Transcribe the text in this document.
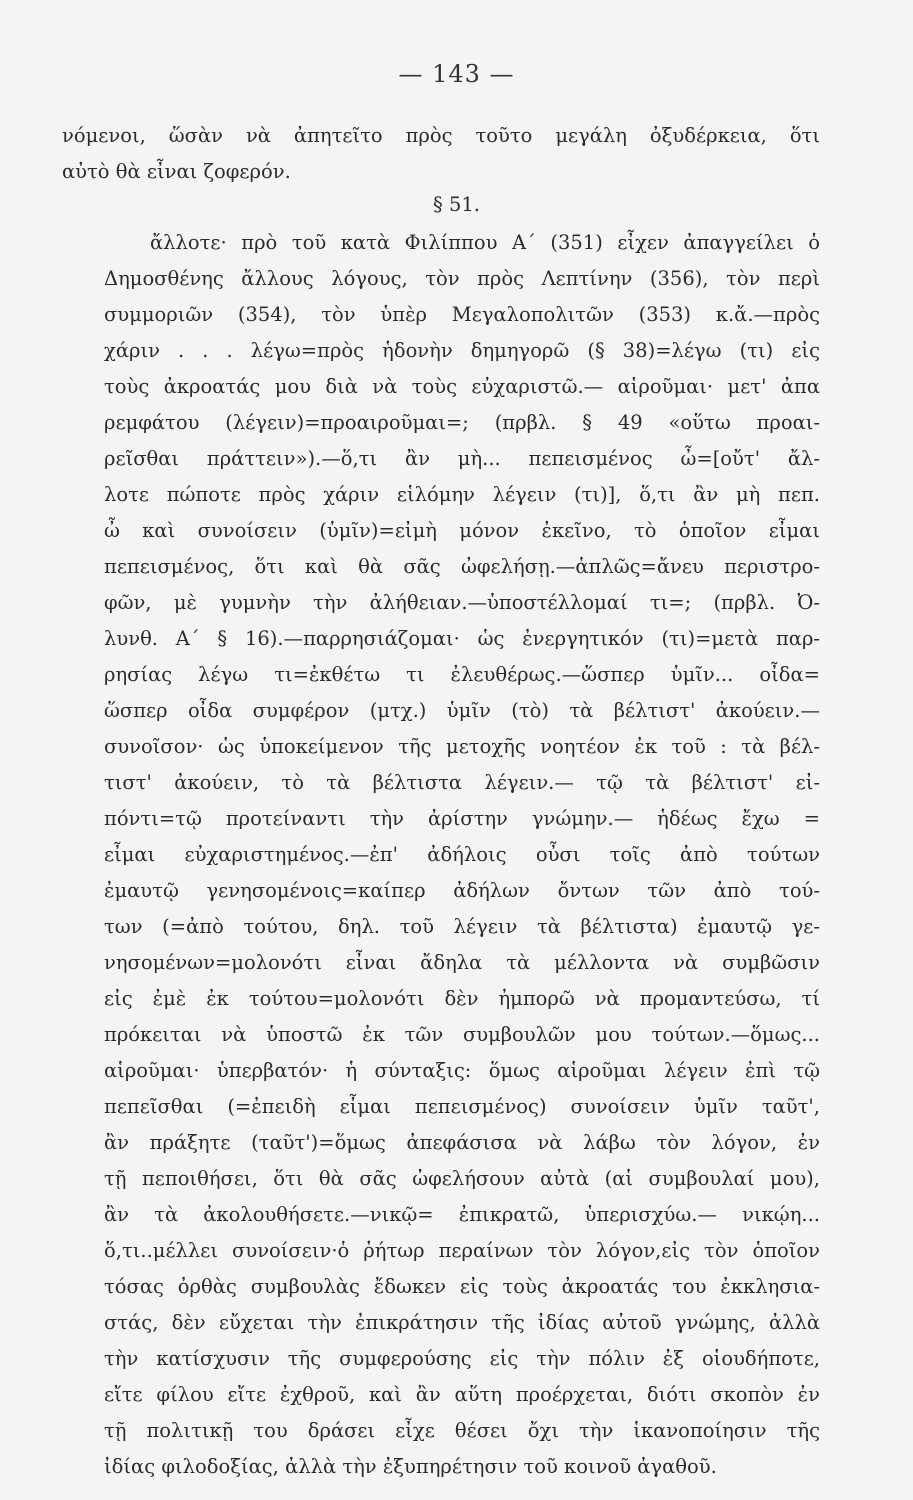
— 143 —
νόμενοι, ὥσὰν νὰ ἀπητεῖτο πρὸς τοῦτο μεγάλη ὀξυδέρκεια, ὅτι
αὐτὸ θὰ εἶναι ζοφερόν.
§ 51.
ἄλλοτε· πρὸ τοῦ κατὰ Φιλίππου Α΄ (351) εἶχεν ἀπαγγείλει ὁ
Δημοσθένης ἄλλους λόγους, τὸν πρὸς Λεπτίνην (356), τὸν περὶ
συμμοριῶν (354), τὸν ὑπὲρ Μεγαλοπολιτῶν (353) κ.ἄ.—πρὸς
χάριν . . . λέγω=πρὸς ἡδονὴν δημηγορῶ (§ 38)=λέγω (τι) εἰς
τοὺς ἀκροατάς μου διὰ νὰ τοὺς εὐχαριστῶ.— αἱροῦμαι· μετ' ἀπα
ρεμφάτου (λέγειν)=προαιροῦμαι=; (πρβλ. § 49 «οὕτω προαι-
ρεῖσθαι πράττειν»).—ὅ,τι ἂν μὴ... πεπεισμένος ὦ=[οὔτ' ἄλ-
λοτε πώποτε πρὸς χάριν εἱλόμην λέγειν (τι)], ὅ,τι ἂν μὴ πεπ.
ὦ καὶ συνοίσειν (ὑμῖν)=εἰμὴ μόνον ἐκεῖνο, τὸ ὁποῖον εἶμαι
πεπεισμένος, ὅτι καὶ θὰ σᾶς ὠφελήσῃ.—ἁπλῶς=ἄνευ περιστρο-
φῶν, μὲ γυμνὴν τὴν ἀλήθειαν.—ὑποστέλλομαί τι=; (πρβλ. Ὀ-
λυνθ. Α΄ § 16).—παρρησιάζομαι· ὡς ἐνεργητικόν (τι)=μετὰ παρ-
ρησίας λέγω τι=ἐκθέτω τι ἐλευθέρως.—ὥσπερ ὑμῖν... οἶδα=
ὥσπερ οἶδα συμφέρον (μτχ.) ὑμῖν (τὸ) τὰ βέλτιστ' ἀκούειν.—
συνοῖσον· ὡς ὑποκείμενον τῆς μετοχῆς νοητέον ἐκ τοῦ : τὰ βέλ-
τιστ' ἀκούειν, τὸ τὰ βέλτιστα λέγειν.— τῷ τὰ βέλτιστ' εἰ-
πόντι=τῷ προτείναντι τὴν ἀρίστην γνώμην.— ἡδέως ἔχω =
εἶμαι εὐχαριστημένος.—ἐπ' ἀδήλοις οὖσι τοῖς ἀπὸ τούτων
ἐμαυτῷ γενησομένοις=καίπερ ἀδήλων ὄντων τῶν ἀπὸ τού-
των (=ἀπὸ τούτου, δηλ. τοῦ λέγειν τὰ βέλτιστα) ἐμαυτῷ γε-
νησομένων=μολονότι εἶναι ἄδηλα τὰ μέλλοντα νὰ συμβῶσιν
εἰς ἐμὲ ἐκ τούτου=μολονότι δὲν ἠμπορῶ νὰ προμαντεύσω, τί
πρόκειται νὰ ὑποστῶ ἐκ τῶν συμβουλῶν μου τούτων.—ὅμως...
αἱροῦμαι· ὑπερβατόν· ἡ σύνταξις: ὅμως αἱροῦμαι λέγειν ἐπὶ τῷ
πεπεῖσθαι (=ἐπειδὴ εἶμαι πεπεισμένος) συνοίσειν ὑμῖν ταῦτ',
ἂν πράξητε (ταῦτ')=ὅμως ἀπεφάσισα νὰ λάβω τὸν λόγον, ἐν
τῇ πεποιθήσει, ὅτι θὰ σᾶς ὠφελήσουν αὐτὰ (αἱ συμβουλαί μου),
ἂν τὰ ἀκολουθήσετε.—νικῷ= ἐπικρατῶ, ὑπερισχύω.— νικῴη...
ὅ,τι..μέλλει συνοίσειν·ὁ ῥήτωρ περαίνων τὸν λόγον,εἰς τὸν ὁποῖον
τόσας ὀρθὰς συμβουλὰς ἔδωκεν εἰς τοὺς ἀκροατάς του ἐκκλησια-
στάς, δὲν εὔχεται τὴν ἐπικράτησιν τῆς ἰδίας αὐτοῦ γνώμης, ἀλλὰ
τὴν κατίσχυσιν τῆς συμφερούσης εἰς τὴν πόλιν ἐξ οἱουδήποτε,
εἴτε φίλου εἴτε ἐχθροῦ, καὶ ἂν αὕτη προέρχεται, διότι σκοπὸν ἐν
τῇ πολιτικῇ του δράσει εἶχε θέσει ὄχι τὴν ἱκανοποίησιν τῆς
ἰδίας φιλοδοξίας, ἀλλὰ τὴν ἐξυπηρέτησιν τοῦ κοινοῦ ἀγαθοῦ.
